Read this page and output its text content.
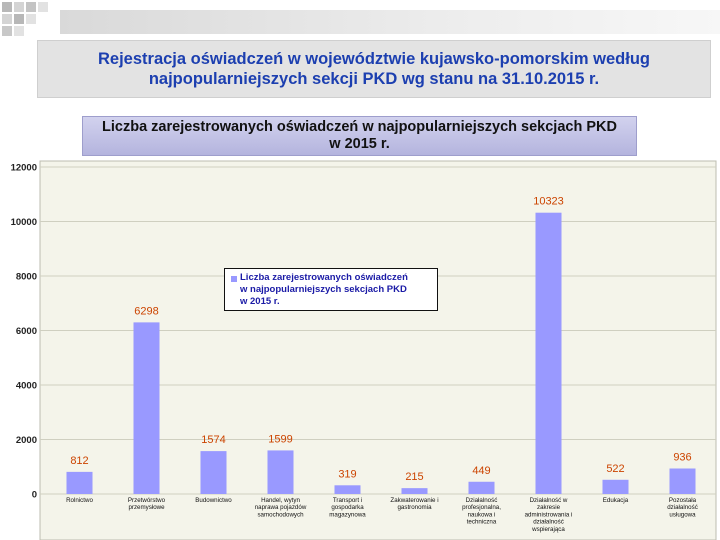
Rejestracja oświadczeń w województwie kujawsko-pomorskim według
najpopularniejszych sekcji PKD wg stanu na 31.10.2015 r.
Liczba zarejestrowanych oświadczeń w najpopularniejszych sekcjach PKD
w 2015 r.
0
2000
4000
6000
8000
10000
12000
812
6298
1574	1599
319	215
449
10323
522
936
Rolnictwo	Przetwórstwo przemysłowe
Budownictwo	Handel, wytyn naprawa pojazdów samochodowych
Transport i gospodarka magazynowa
Zakwaterowanie i gastronomia
Działalność profesjonalna, naukowa i techniczna
Działalność w zakresie administrowania i działalność wspierająca
Edukacja	Pozostała działalność usługowa
Liczba zarejestrowanych oświadczeń
w najpopularniejszych sekcjach PKD
w 2015 r.
